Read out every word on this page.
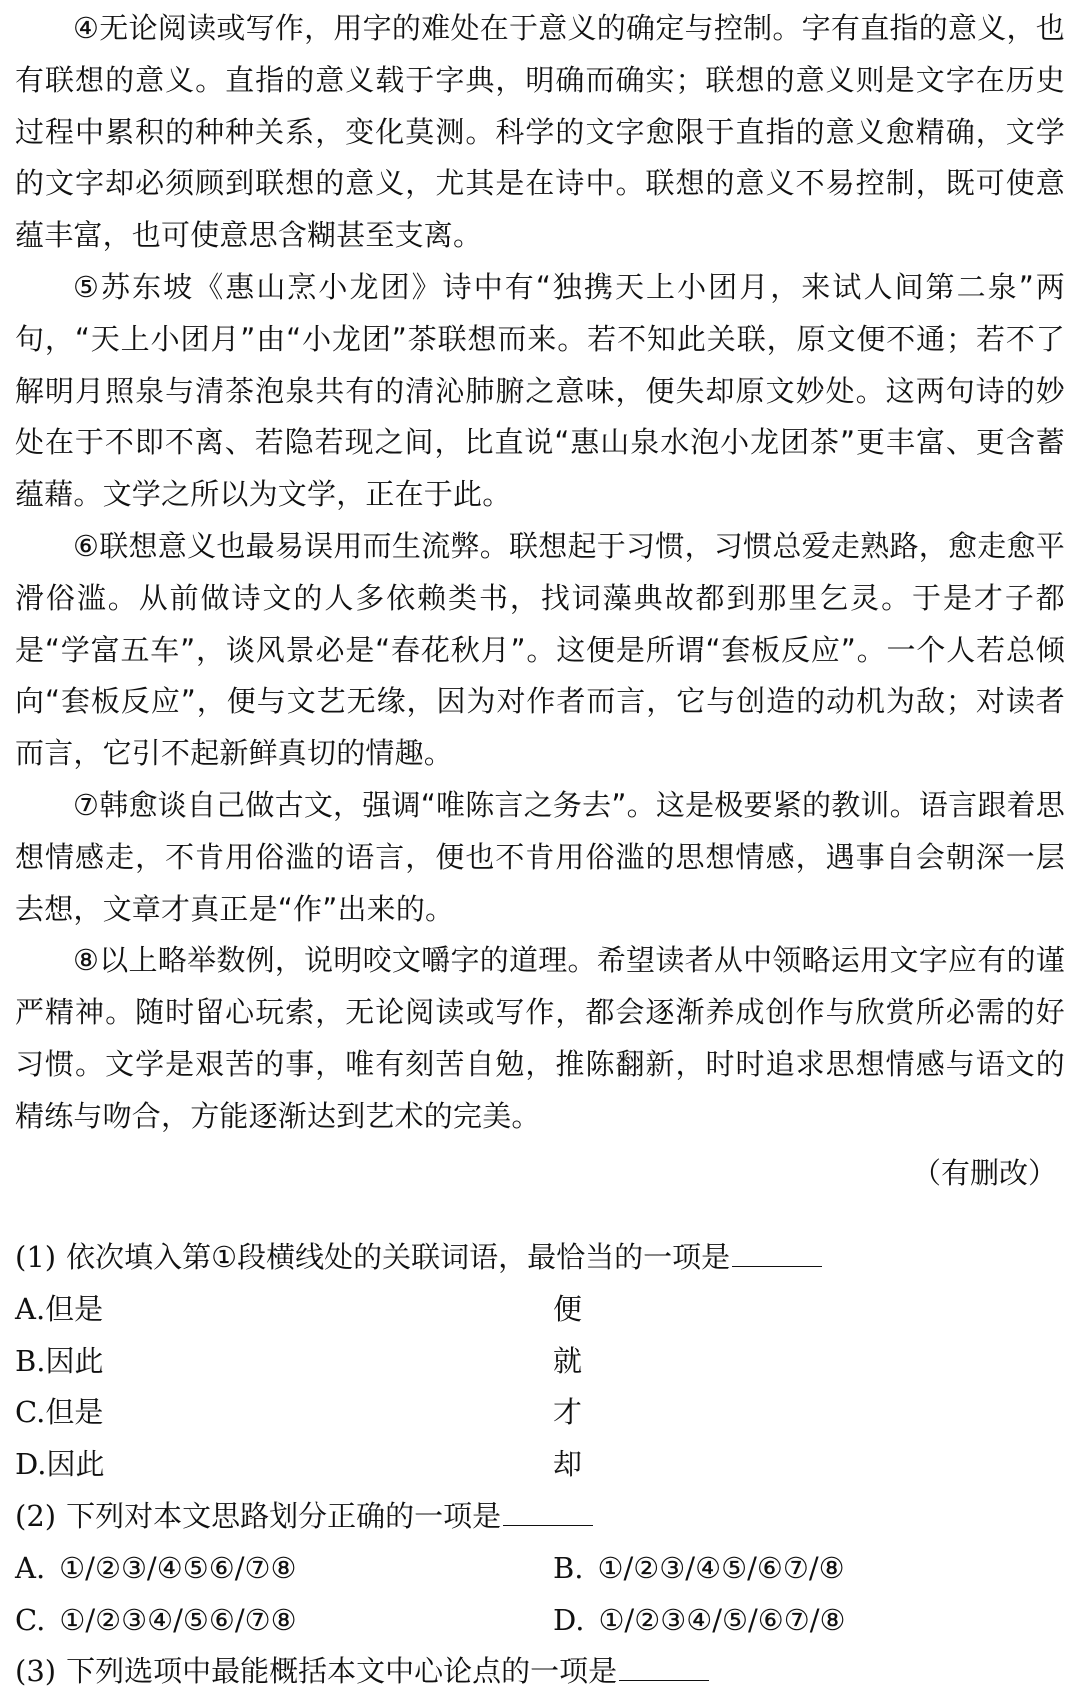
④无论阅读或写作，用字的难处在于意义的确定与控制。字有直指的意义，也有联想的意义。直指的意义载于字典，明确而确实；联想的意义则是文字在历史过程中累积的种种关系，变化莫测。科学的文字愈限于直指的意义愈精确，文学的文字却必须顾到联想的意义，尤其是在诗中。联想的意义不易控制，既可使意蕴丰富，也可使意思含糊甚至支离。

⑤苏东坡《惠山烹小龙团》诗中有“独携天上小团月，来试人间第二泉”两句，“天上小团月”由“小龙团”茶联想而来。若不知此关联，原文便不通；若不了解明月照泉与清茶泡泉共有的清沁肺腑之意味，便失却原文妙处。这两句诗的妙处在于不即不离、若隐若现之间，比直说“惠山泉水泡小龙团茶”更丰富、更含蓄蕴藉。文学之所以为文学，正在于此。

⑥联想意义也最易误用而生流弊。联想起于习惯，习惯总爱走熟路，愈走愈平滑俗滥。从前做诗文的人多依赖类书，找词藻典故都到那里乞灵。于是才子都是“学富五车”，谈风景必是“春花秋月”。这便是所谓“套板反应”。一个人若总倾向“套板反应”，便与文艺无缘，因为对作者而言，它与创造的动机为敌；对读者而言，它引不起新鲜真切的情趣。

⑦韩愈谈自己做古文，强调“唯陈言之务去”。这是极要紧的教训。语言跟着思想情感走，不肯用俗滥的语言，便也不肯用俗滥的思想情感，遇事自会朝深一层去想，文章才真正是“作”出来的。

⑧以上略举数例，说明咬文嚼字的道理。希望读者从中领略运用文字应有的谨严精神。随时留心玩索，无论阅读或写作，都会逐渐养成创作与欣赏所必需的好习惯。文学是艰苦的事，唯有刻苦自勉，推陈翻新，时时追求思想情感与语文的精练与吻合，方能逐渐达到艺术的完美。

（有删改）

(1) 依次填入第①段横线处的关联词语，最恰当的一项是

A.但是	便
B.因此	就
C.但是	才
D.因此	却

(2) 下列对本文思路划分正确的一项是

A. ①/②③/④⑤⑥/⑦⑧	B. ①/②③/④⑤/⑥⑦/⑧
C. ①/②③④/⑤⑥/⑦⑧	D. ①/②③④/⑤/⑥⑦/⑧

(3) 下列选项中最能概括本文中心论点的一项是
